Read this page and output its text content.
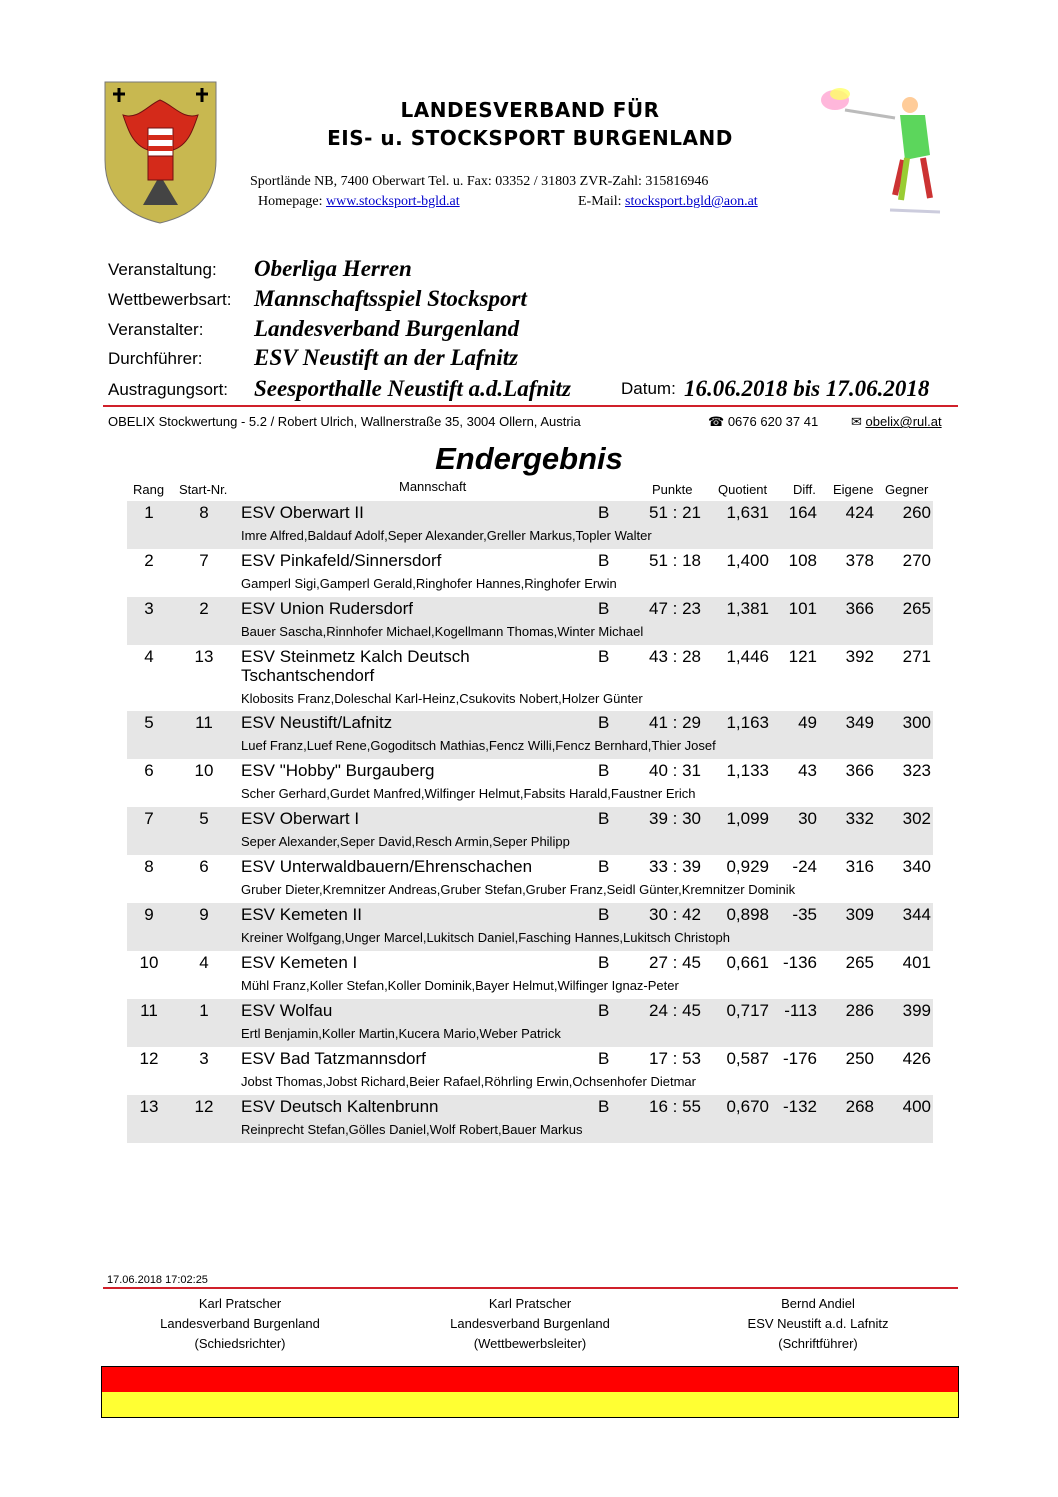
LANDESVERBAND FÜR
EIS- u. STOCKSPORT BURGENLAND
Sportlände NB, 7400 Oberwart Tel. u. Fax: 03352 / 31803 ZVR-Zahl: 315816946
Homepage: www.stocksport-bgld.at	E-Mail: stocksport.bgld@aon.at
Veranstaltung: Oberliga Herren
Wettbewerbsart: Mannschaftsspiel Stocksport
Veranstalter: Landesverband Burgenland
Durchführer: ESV Neustift an der Lafnitz
Austragungsort: Seesporthalle Neustift a.d.Lafnitz	Datum: 16.06.2018 bis 17.06.2018
OBELIX Stockwertung - 5.2 / Robert Ulrich, Wallnerstraße 35, 3004 Ollern, Austria	☎ 0676 620 37 41	✉ obelix@rul.at
Endergebnis
Rang Start-Nr.	Mannschaft	Punkte Quotient Diff. Eigene Gegner
1	8	ESV Oberwart II	B	51 : 21	1,631	164	424	260
Imre Alfred,Baldauf Adolf,Seper Alexander,Greller Markus,Topler Walter
2	7	ESV Pinkafeld/Sinnersdorf	B	51 : 18	1,400	108	378	270
Gamperl Sigi,Gamperl Gerald,Ringhofer Hannes,Ringhofer Erwin
3	2	ESV Union Rudersdorf	B	47 : 23	1,381	101	366	265
Bauer Sascha,Rinnhofer Michael,Kogellmann Thomas,Winter Michael
4	13	ESV Steinmetz Kalch Deutsch	B	43 : 28	1,446	121	392	271
Tschantschendorf
Klobosits Franz,Doleschal Karl-Heinz,Csukovits Nobert,Holzer Günter
5	11	ESV Neustift/Lafnitz	B	41 : 29	1,163	49	349	300
Luef Franz,Luef Rene,Gogoditsch Mathias,Fencz Willi,Fencz Bernhard,Thier Josef
6	10	ESV "Hobby" Burgauberg	B	40 : 31	1,133	43	366	323
Scher Gerhard,Gurdet Manfred,Wilfinger Helmut,Fabsits Harald,Faustner Erich
7	5	ESV Oberwart I	B	39 : 30	1,099	30	332	302
Seper Alexander,Seper David,Resch Armin,Seper Philipp
8	6	ESV Unterwaldbauern/Ehrenschachen	B	33 : 39	0,929	-24	316	340
Gruber Dieter,Kremnitzer Andreas,Gruber Stefan,Gruber Franz,Seidl Günter,Kremnitzer Dominik
9	9	ESV Kemeten II	B	30 : 42	0,898	-35	309	344
Kreiner Wolfgang,Unger Marcel,Lukitsch Daniel,Fasching Hannes,Lukitsch Christoph
10	4	ESV Kemeten I	B	27 : 45	0,661 -136	265	401
Mühl Franz,Koller Stefan,Koller Dominik,Bayer Helmut,Wilfinger Ignaz-Peter
11	1	ESV Wolfau	B	24 : 45	0,717 -113	286	399
Ertl Benjamin,Koller Martin,Kucera Mario,Weber Patrick
12	3	ESV Bad Tatzmannsdorf	B	17 : 53	0,587 -176	250	426
Jobst Thomas,Jobst Richard,Beier Rafael,Röhrling Erwin,Ochsenhofer Dietmar
13	12	ESV Deutsch Kaltenbrunn	B	16 : 55	0,670 -132	268	400
Reinprecht Stefan,Gölles Daniel,Wolf Robert,Bauer Markus
17.06.2018 17:02:25
Karl Pratscher
Landesverband Burgenland
(Schiedsrichter)
Karl Pratscher
Landesverband Burgenland
(Wettbewerbsleiter)
Bernd Andiel
ESV Neustift a.d. Lafnitz
(Schriftführer)
